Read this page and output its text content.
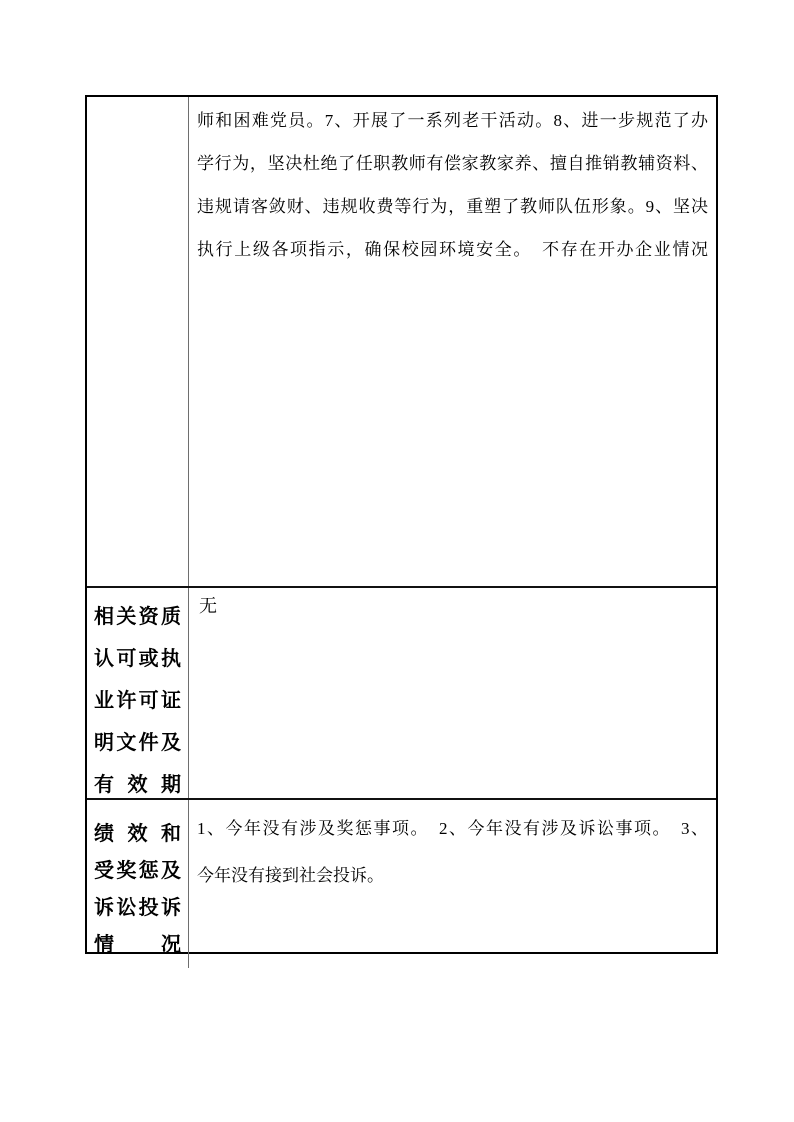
师和困难党员。7、开展了一系列老干活动。8、进一步规范了办
学行为，坚决杜绝了任职教师有偿家教家养、擅自推销教辅资料、
违规请客敛财、违规收费等行为，重塑了教师队伍形象。9、坚决
执行上级各项指示，确保校园环境安全。　不存在开办企业情况
相关资质
认可或执
业许可证
明文件及
有效期
无
绩效和
受奖惩及
诉讼投诉
情况
1、今年没有涉及奖惩事项。　2、今年没有涉及诉讼事项。　3、
今年没有接到社会投诉。
